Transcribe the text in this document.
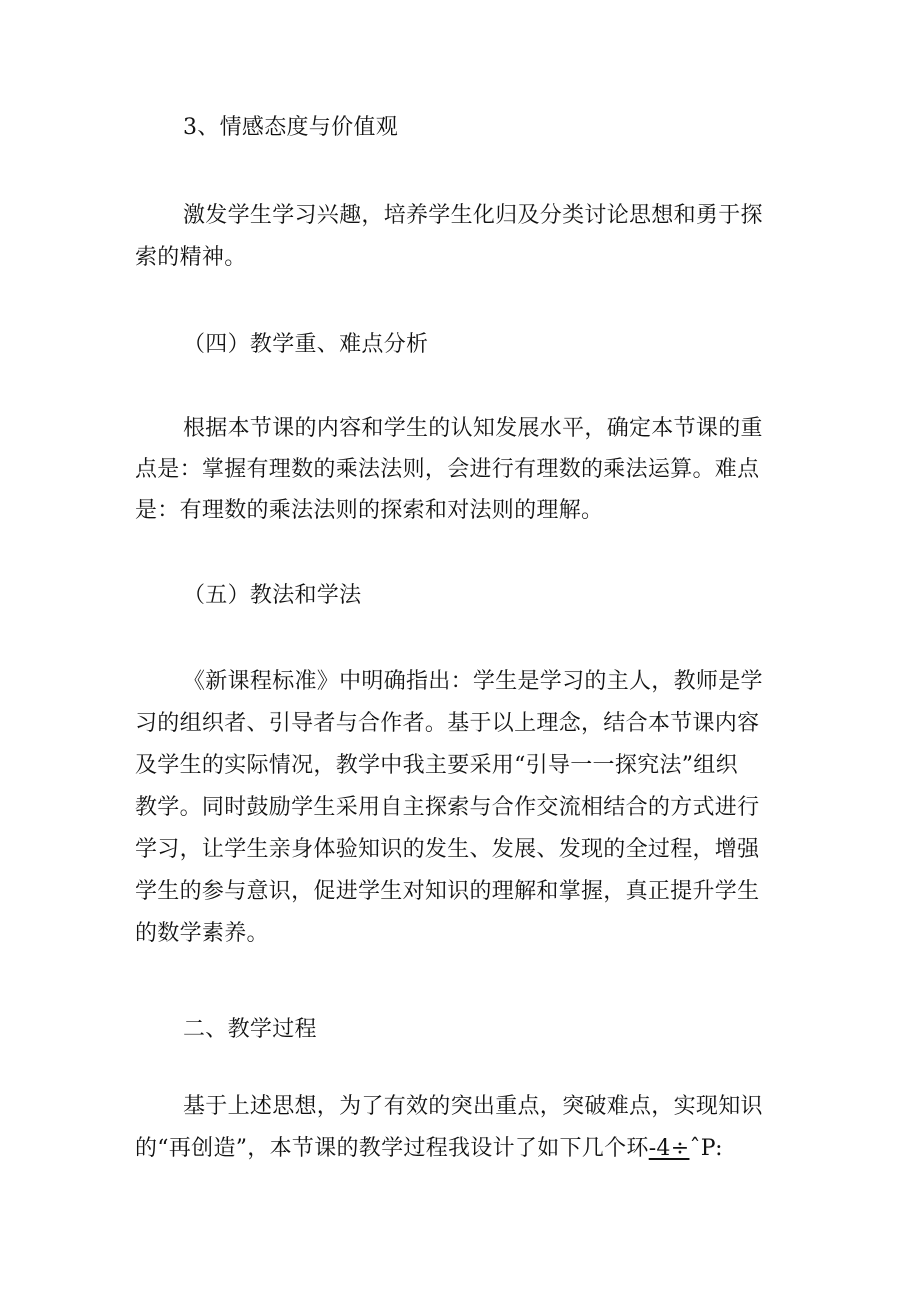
3、情感态度与价值观
激发学生学习兴趣，培养学生化归及分类讨论思想和勇于探
索的精神。
（四）教学重、难点分析
根据本节课的内容和学生的认知发展水平，确定本节课的重
点是：掌握有理数的乘法法则，会进行有理数的乘法运算。难点
是：有理数的乘法法则的探索和对法则的理解。
（五）教法和学法
《新课程标准》中明确指出：学生是学习的主人，教师是学
习的组织者、引导者与合作者。基于以上理念，结合本节课内容
及学生的实际情况，教学中我主要采用“引导一一探究法”组织
教学。同时鼓励学生采用自主探索与合作交流相结合的方式进行
学习，让学生亲身体验知识的发生、发展、发现的全过程，增强
学生的参与意识，促进学生对知识的理解和掌握，真正提升学生
的数学素养。
二、教学过程
基于上述思想，为了有效的突出重点，突破难点，实现知识
的“再创造”，本节课的教学过程我设计了如下几个环-4÷ˆP:
